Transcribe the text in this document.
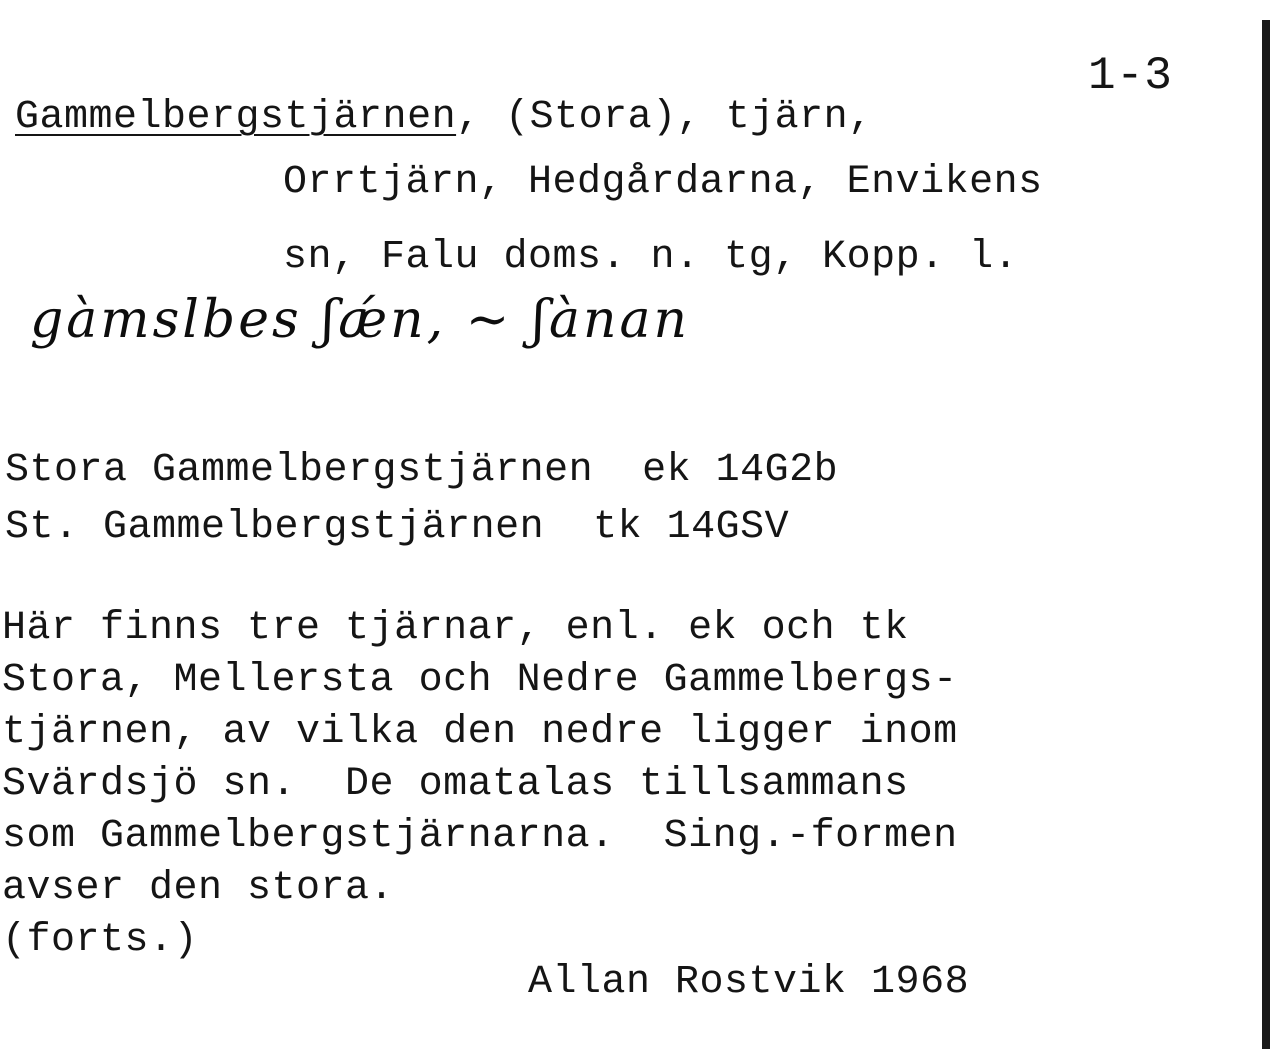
1-3
Gammelbergstjärnen, (Stora), tjärn,
Orrtjärn, Hedgårdarna, Envikens
sn, Falu doms. n. tg, Kopp. l.
gàmslbes ʃǽn, ~ ʃànan
Stora Gammelbergstjärnen  ek 14G2b
St. Gammelbergstjärnen  tk 14GSV
Här finns tre tjärnar, enl. ek och tk
Stora, Mellersta och Nedre Gammelbergs-
tjärnen, av vilka den nedre ligger inom
Svärdsjö sn.  De omatalas tillsammans
som Gammelbergstjärnarna.  Sing.-formen
avser den stora.
(forts.)
Allan Rostvik 1968
